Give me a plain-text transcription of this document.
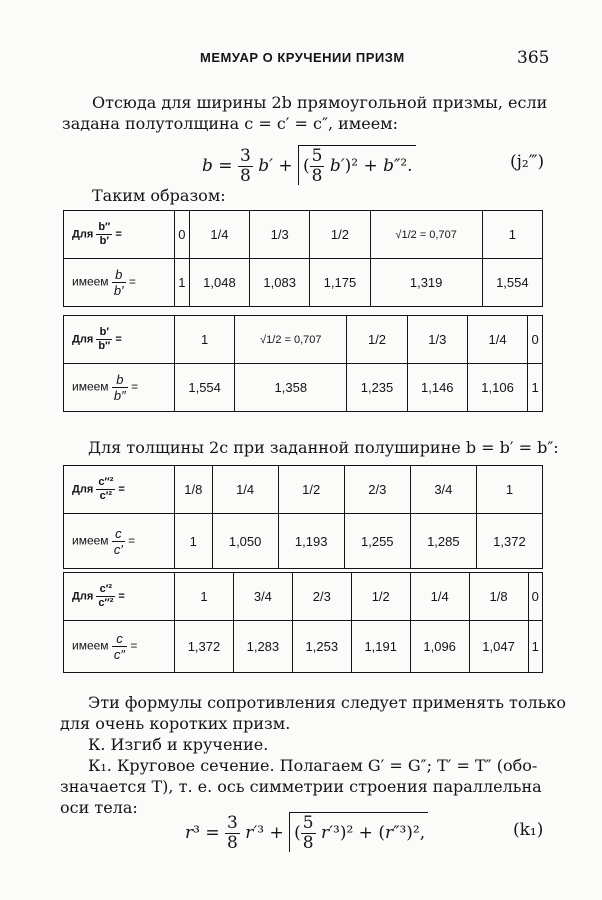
МЕМУАР О КРУЧЕНИИ ПРИЗМ	365
Отсюда для ширины 2b прямоугольной призмы, если
задана полутолщина c = c′ = c″, имеем:
$b = \frac{3}{8} b'$ + ( $\frac{5}{8} b')^2 + b''^2$.	(j₂‴)
Таким образом:
Для $\frac{b''}{b'}$ =	0	1/4	1/3	1/2	√1/2 = 0,707	1
имеем $\frac{b}{b'}$ =	1	1,048	1,083	1,175	1,319	1,554
Для $\frac{b'}{b''}$ =	1	√1/2 = 0,707	1/2	1/3	1/4	0
имеем $\frac{b}{b''}$ =	1,554	1,358	1,235	1,146	1,106	1
Для толщины 2c при заданной полуширине b = b′ = b″:
Для $\frac{\text{c″²}}{\text{c′²}}$ =	1/8	1/4	1/2	2/3	3/4	1
имеем $\frac{c}{c'}$ =	1	1,050	1,193	1,255	1,285	1,372
Для $\frac{\text{c′²}}{\text{c″²}}$ =	1	3/4	2/3	1/2	1/4	1/8	0
имеем $\frac{c}{c''}$ =	1,372	1,283	1,253	1,191	1,096	1,047	1
Эти формулы сопротивления следует применять только
для очень коротких призм.
К. Изгиб и кручение.
К₁. Круговое сечение. Полагаем G′ = G″; T′ = T″ (обо-
значается T), т. е. ось симметрии строения параллельна
оси тела:
$r^3 = \frac{3}{8} r'^3$ + ( $\frac{5}{8} r'^3)^2 + (r''^3)^2$,	(k₁)
